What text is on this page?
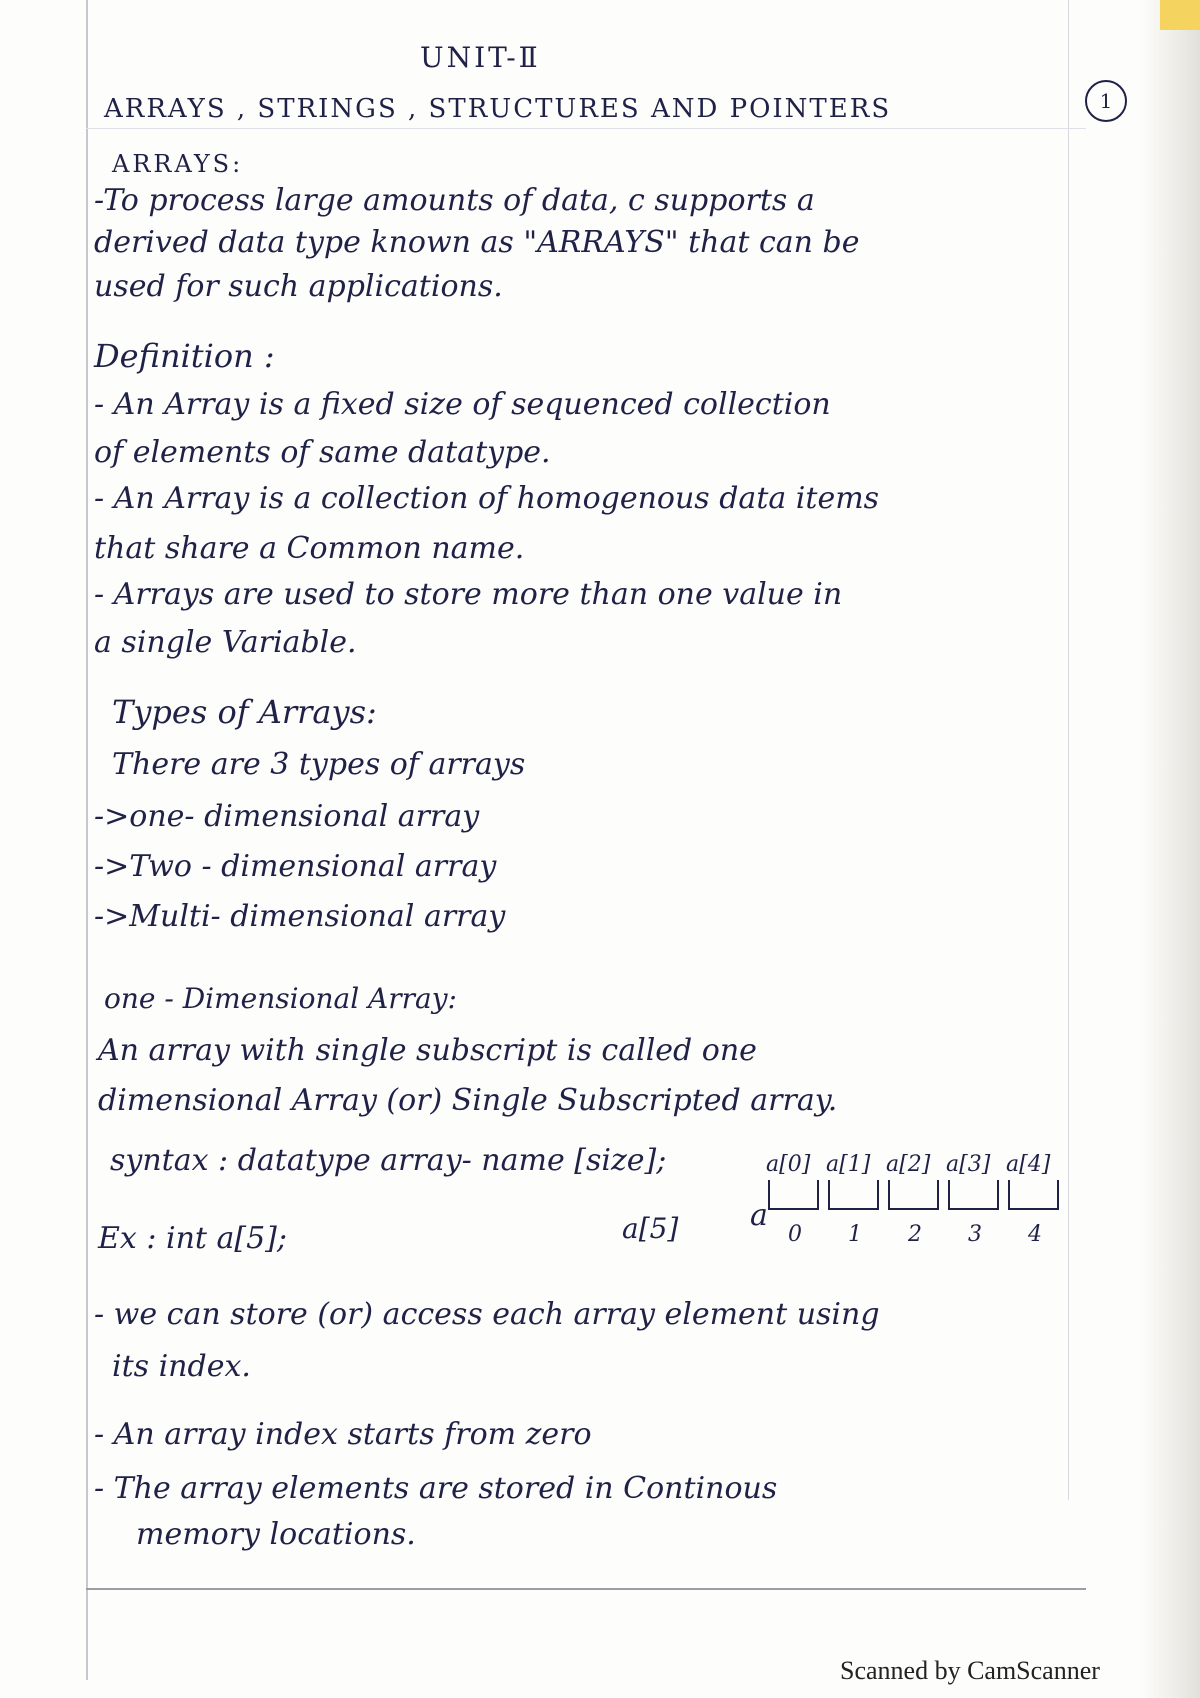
UNIT-Ⅱ
1
ARRAYS , STRINGS , STRUCTURES AND POINTERS
ARRAYS:
-To process large amounts of data, c supports a
derived data type known as "ARRAYS" that can be
used for such applications.
Definition :
- An Array is a fixed size of sequenced collection
of elements of same datatype.
- An Array is a collection of homogenous data items
that share a Common name.
- Arrays are used to store more than one value in
a single Variable.
Types of Arrays:
There are 3 types of arrays
->one- dimensional array
->Two - dimensional array
->Multi- dimensional array
one - Dimensional Array:
An array with single subscript is called one
dimensional Array (or) Single Subscripted array.
syntax : datatype array- name [size];
Ex : int a[5];	a[5] a
a[0] a[1] a[2] a[3] a[4]
0 1 2 3 4
- we can store (or) access each array element using
its index.
- An array index starts from zero
- The array elements are stored in Continous
memory locations.
Scanned by CamScanner
